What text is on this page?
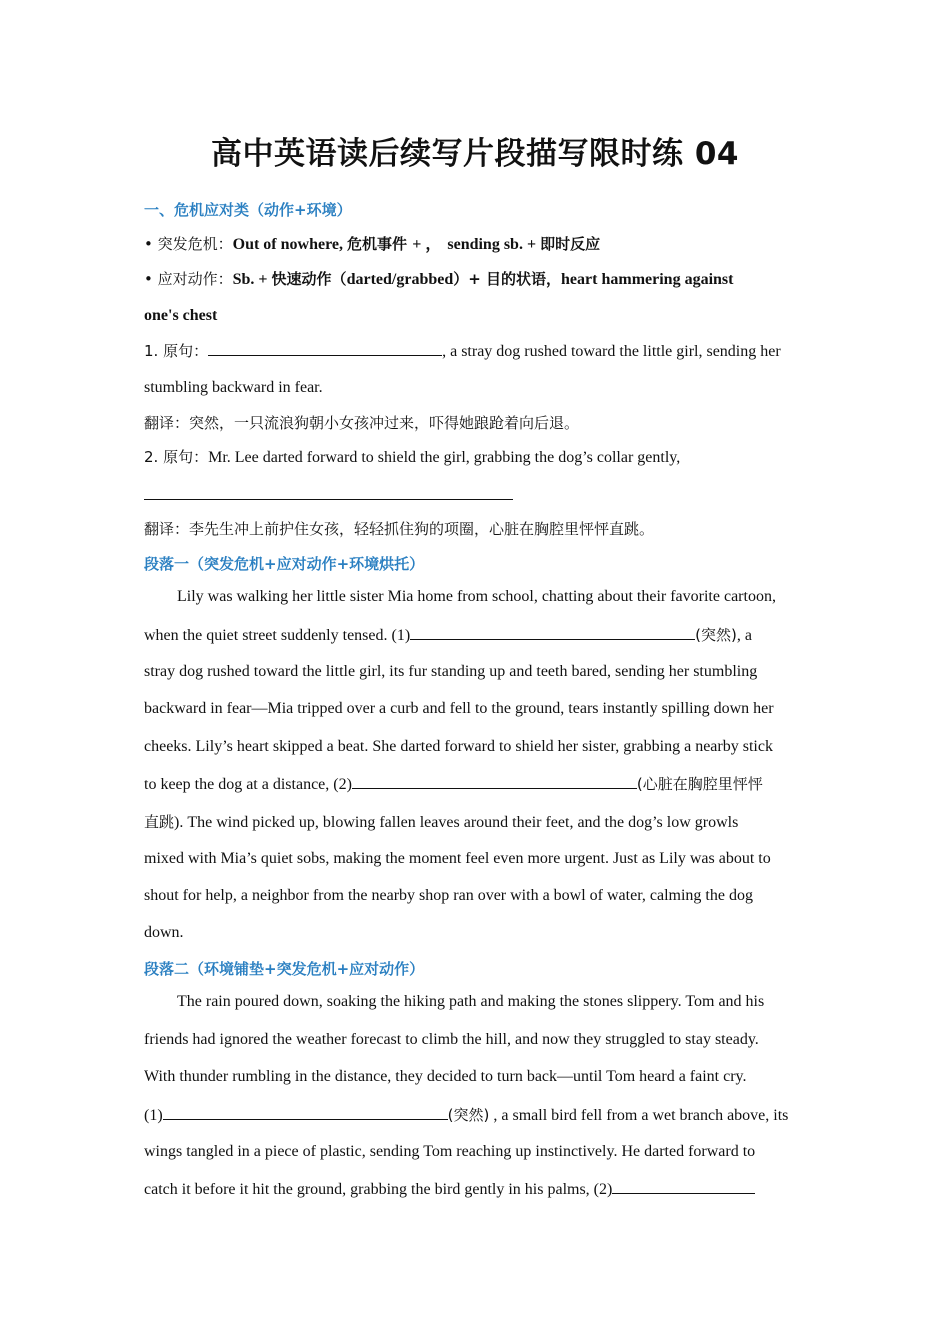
高中英语读后续写片段描写限时练 04
一、危机应对类（动作+环境）
• 突发危机：Out of nowhere, 危机事件 + ， sending sb. + 即时反应
• 应对动作：Sb. + 快速动作（darted/grabbed）+ 目的状语，heart hammering against
one's chest
1. 原句：	, a stray dog rushed toward the little girl, sending her
stumbling backward in fear.
翻译：突然，一只流浪狗朝小女孩冲过来，吓得她踉跄着向后退。
2. 原句：Mr. Lee darted forward to shield the girl, grabbing the dog’s collar gently,
翻译：李先生冲上前护住女孩，轻轻抓住狗的项圈，心脏在胸腔里怦怦直跳。
段落一（突发危机+应对动作+环境烘托）
Lily was walking her little sister Mia home from school, chatting about their favorite cartoon,
when the quiet street suddenly tensed. (1)	(突然), a
stray dog rushed toward the little girl, its fur standing up and teeth bared, sending her stumbling
backward in fear—Mia tripped over a curb and fell to the ground, tears instantly spilling down her
cheeks. Lily’s heart skipped a beat. She darted forward to shield her sister, grabbing a nearby stick
to keep the dog at a distance, (2)	(心脏在胸腔里怦怦
直跳). The wind picked up, blowing fallen leaves around their feet, and the dog’s low growls
mixed with Mia’s quiet sobs, making the moment feel even more urgent. Just as Lily was about to
shout for help, a neighbor from the nearby shop ran over with a bowl of water, calming the dog
down.
段落二（环境铺垫+突发危机+应对动作）
The rain poured down, soaking the hiking path and making the stones slippery. Tom and his
friends had ignored the weather forecast to climb the hill, and now they struggled to stay steady.
With thunder rumbling in the distance, they decided to turn back—until Tom heard a faint cry.
(1)	(突然) , a small bird fell from a wet branch above, its
wings tangled in a piece of plastic, sending Tom reaching up instinctively. He darted forward to
catch it before it hit the ground, grabbing the bird gently in his palms, (2)
